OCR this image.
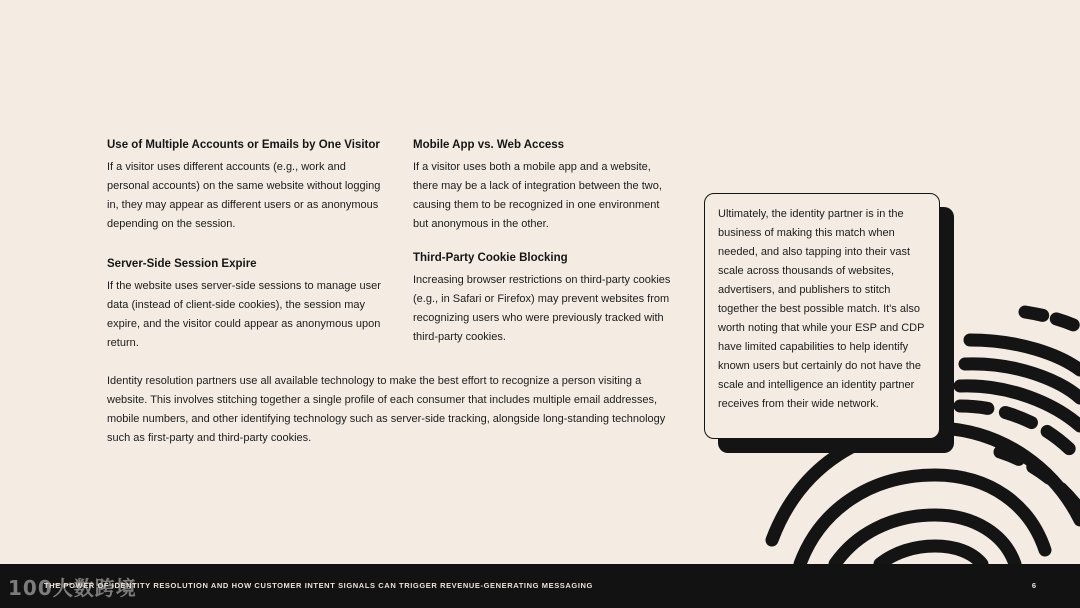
Use of Multiple Accounts or Emails by One Visitor

If a visitor uses different accounts (e.g., work and personal accounts) on the same website without logging in, they may appear as different users or as anonymous depending on the session.

Mobile App vs. Web Access

If a visitor uses both a mobile app and a website, there may be a lack of integration between the two, causing them to be recognized in one environment but anonymous in the other.

Server-Side Session Expire

If the website uses server-side sessions to manage user data (instead of client-side cookies), the session may expire, and the visitor could appear as anonymous upon return.

Third-Party Cookie Blocking

Increasing browser restrictions on third-party cookies (e.g., in Safari or Firefox) may prevent websites from recognizing users who were previously tracked with third-party cookies.

Identity resolution partners use all available technology to make the best effort to recognize a person visiting a website. This involves stitching together a single profile of each consumer that includes multiple email addresses, mobile numbers, and other identifying technology such as server-side tracking, alongside long-standing technology such as first-party and third-party cookies.

Ultimately, the identity partner is in the business of making this match when needed, and also tapping into their vast scale across thousands of websites, advertisers, and publishers to stitch together the best possible match. It's also worth noting that while your ESP and CDP have limited capabilities to help identify known users but certainly do not have the scale and intelligence an identity partner receives from their wide network.
100大数跨境
THE POWER OF IDENTITY RESOLUTION AND HOW CUSTOMER INTENT SIGNALS CAN TRIGGER REVENUE-GENERATING MESSAGING	6
